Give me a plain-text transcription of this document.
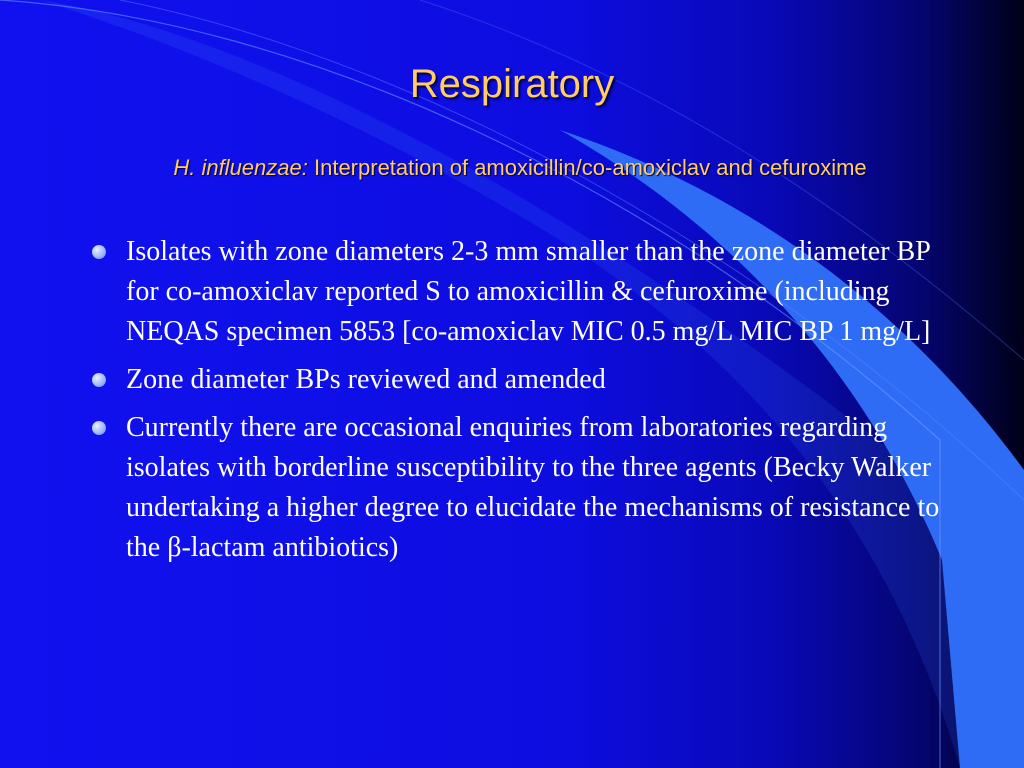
Respiratory
H. influenzae: Interpretation of amoxicillin/co-amoxiclav and cefuroxime
Isolates with zone diameters 2-3 mm smaller than the zone diameter BP for co-amoxiclav reported S to amoxicillin & cefuroxime (including NEQAS specimen 5853 [co-amoxiclav MIC 0.5 mg/L MIC BP 1 mg/L]
Zone diameter BPs reviewed and amended
Currently there are occasional enquiries from laboratories regarding isolates with borderline susceptibility to the three agents (Becky Walker undertaking a higher degree to elucidate the mechanisms of resistance to the β-lactam antibiotics)
